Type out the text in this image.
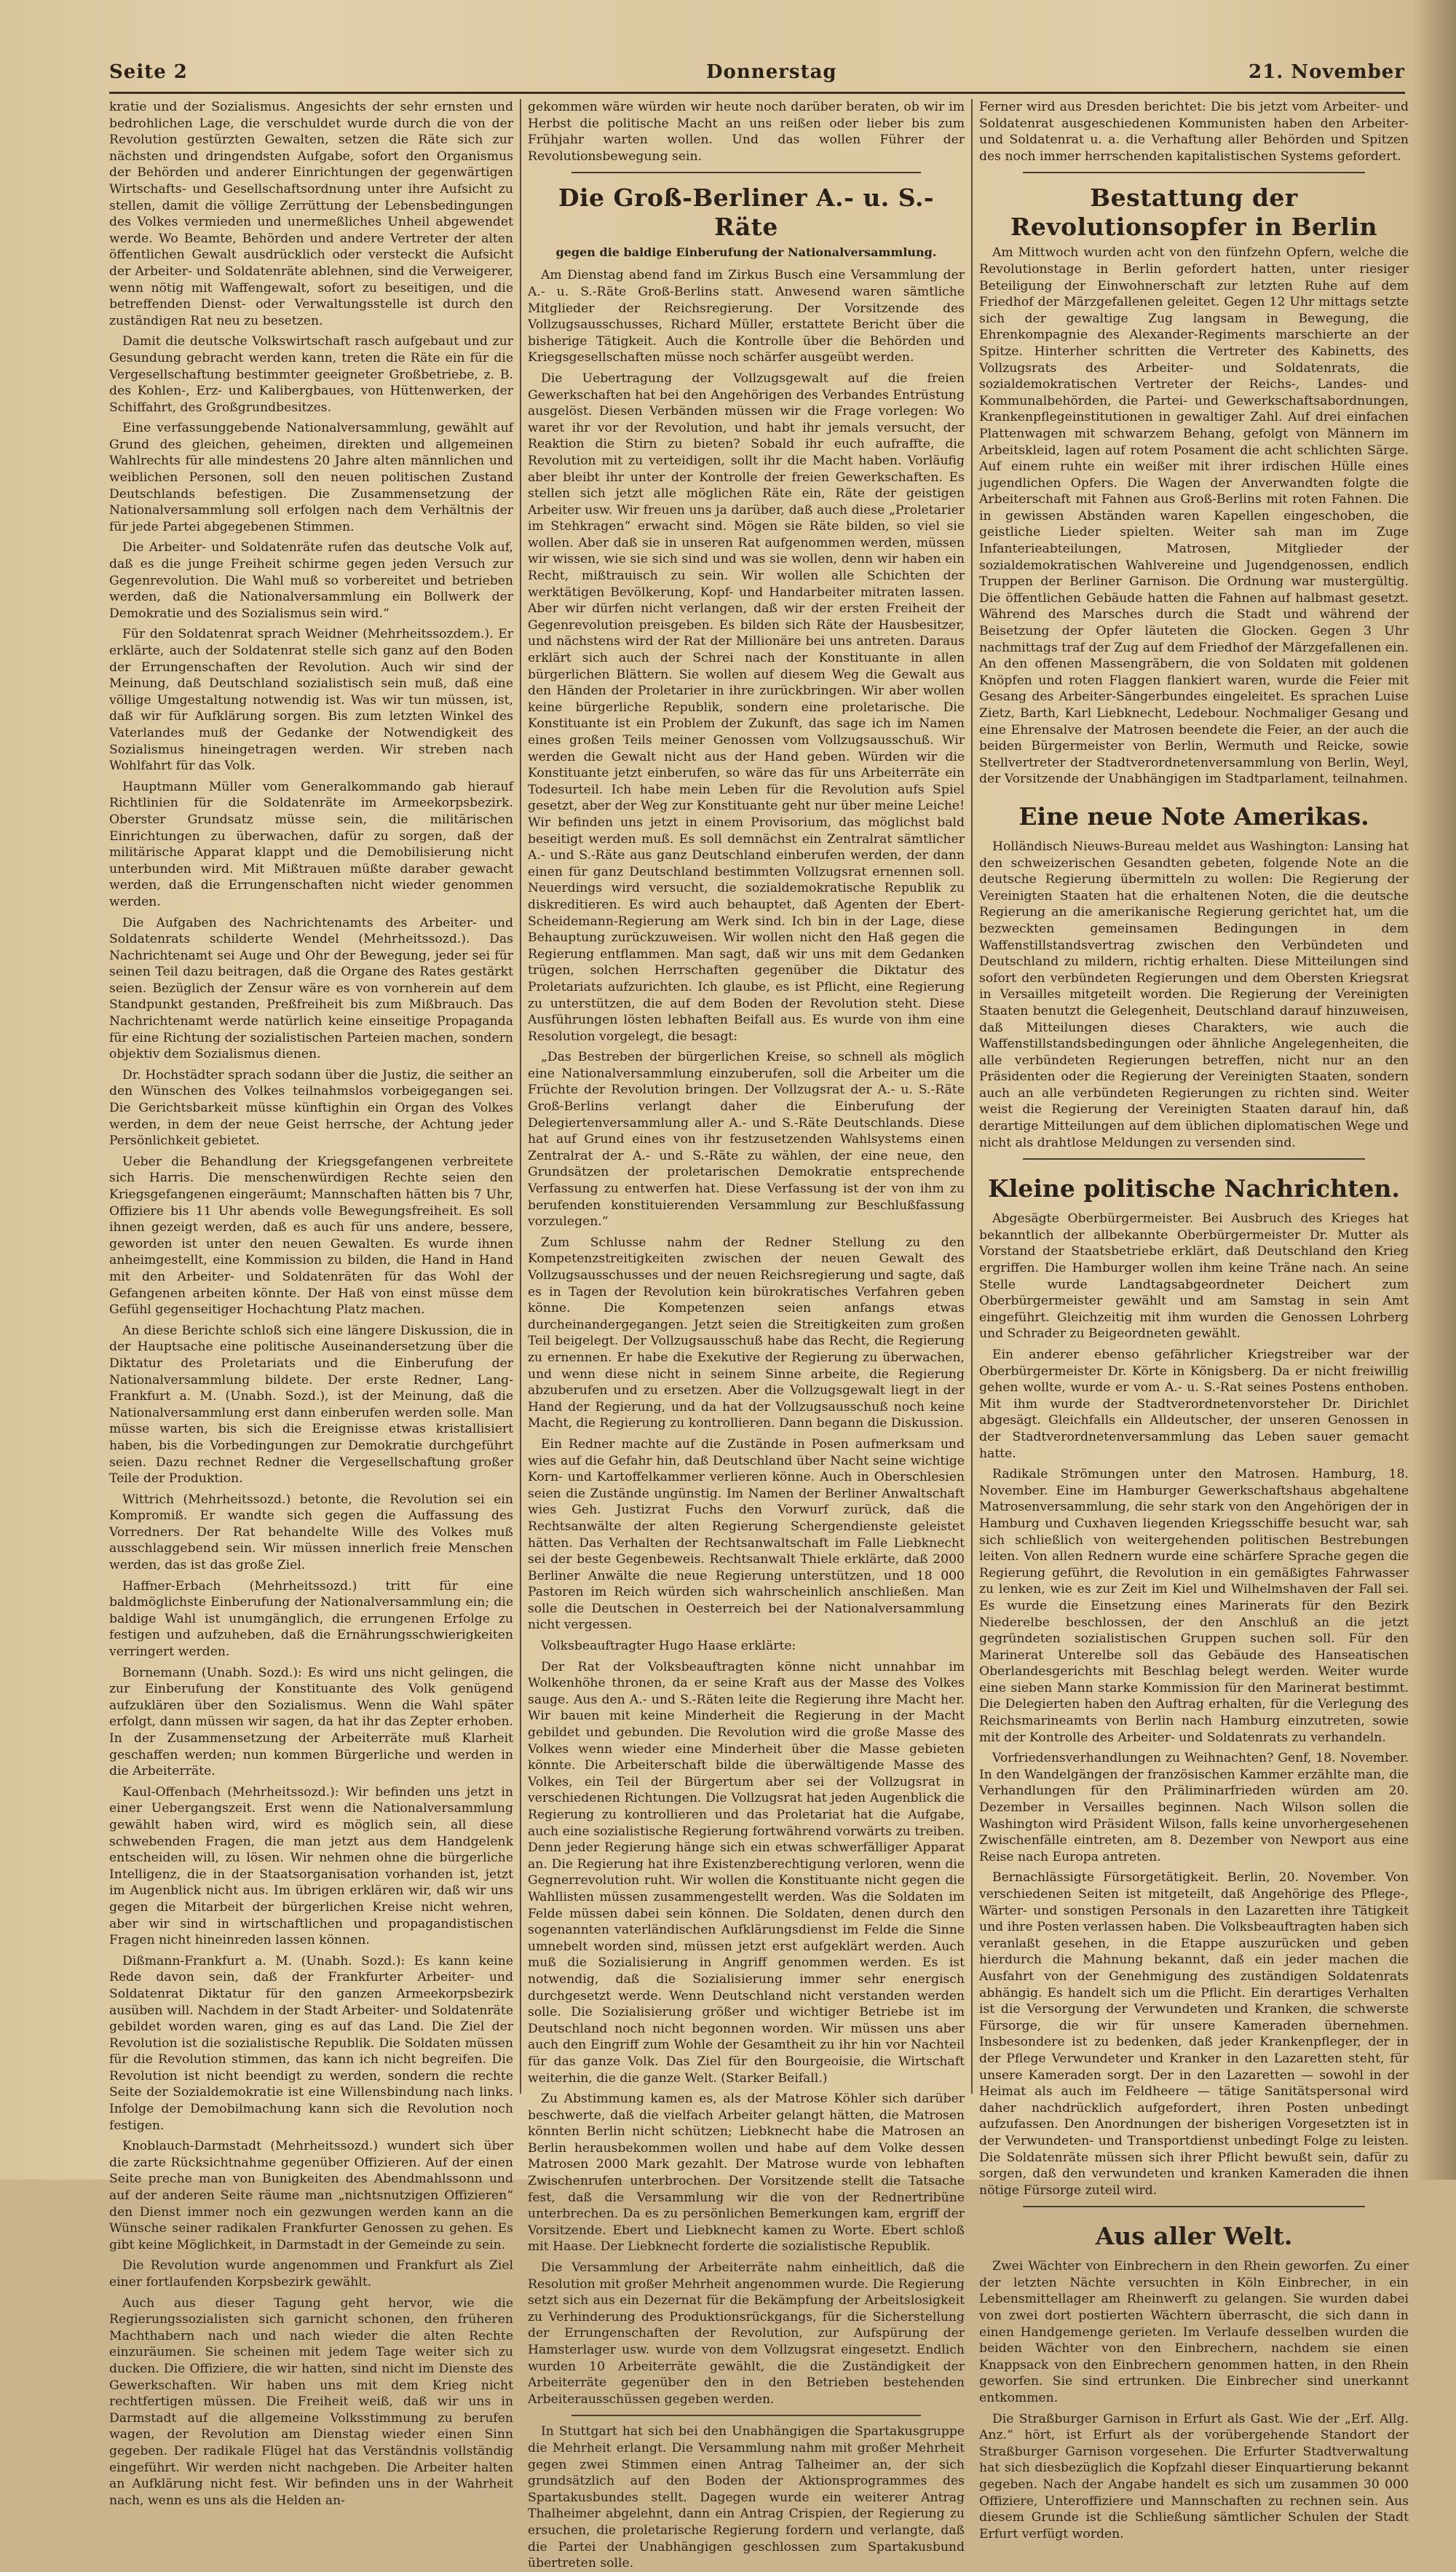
Seite 2	Donnerstag	21. November

kratie und der Sozialismus. Angesichts der sehr ernsten und bedrohlichen Lage, die verschuldet wurde durch die von der Revolution gestürzten Gewalten, setzen die Räte sich zur nächsten und dringendsten Aufgabe, sofort den Organismus der Behörden und anderer Einrichtungen der gegenwärtigen Wirtschafts- und Gesellschaftsordnung unter ihre Aufsicht zu stellen, damit die völlige Zerrüttung der Lebensbedingungen des Volkes vermieden und unermeßliches Unheil abgewendet werde. Wo Beamte, Behörden und andere Vertreter der alten öffentlichen Gewalt ausdrücklich oder versteckt die Aufsicht der Arbeiter- und Soldatenräte ablehnen, sind die Verweigerer, wenn nötig mit Waffengewalt, sofort zu beseitigen, und die betreffenden Dienst- oder Verwaltungsstelle ist durch den zuständigen Rat neu zu besetzen.

Damit die deutsche Volkswirtschaft rasch aufgebaut und zur Gesundung gebracht werden kann, treten die Räte ein für die Vergesellschaftung bestimmter geeigneter Großbetriebe, z. B. des Kohlen-, Erz- und Kalibergbaues, von Hüttenwerken, der Schiffahrt, des Großgrundbesitzes.

Eine verfassunggebende Nationalversammlung, gewählt auf Grund des gleichen, geheimen, direkten und allgemeinen Wahlrechts für alle mindestens 20 Jahre alten männlichen und weiblichen Personen, soll den neuen politischen Zustand Deutschlands befestigen. Die Zusammensetzung der Nationalversammlung soll erfolgen nach dem Verhältnis der für jede Partei abgegebenen Stimmen.

Die Arbeiter- und Soldatenräte rufen das deutsche Volk auf, daß es die junge Freiheit schirme gegen jeden Versuch zur Gegenrevolution. Die Wahl muß so vorbereitet und betrieben werden, daß die Nationalversammlung ein Bollwerk der Demokratie und des Sozialismus sein wird.“

Für den Soldatenrat sprach Weidner (Mehrheitssozdem.). Er erklärte, auch der Soldatenrat stelle sich ganz auf den Boden der Errungenschaften der Revolution. Auch wir sind der Meinung, daß Deutschland sozialistisch sein muß, daß eine völlige Umgestaltung notwendig ist. Was wir tun müssen, ist, daß wir für Aufklärung sorgen. Bis zum letzten Winkel des Vaterlandes muß der Gedanke der Notwendigkeit des Sozialismus hineingetragen werden. Wir streben nach Wohlfahrt für das Volk.

Hauptmann Müller vom Generalkommando gab hierauf Richtlinien für die Soldatenräte im Armeekorpsbezirk. Oberster Grundsatz müsse sein, die militärischen Einrichtungen zu überwachen, dafür zu sorgen, daß der militärische Apparat klappt und die Demobilisierung nicht unterbunden wird. Mit Mißtrauen müßte daraber gewacht werden, daß die Errungenschaften nicht wieder genommen werden.

Die Aufgaben des Nachrichtenamts des Arbeiter- und Soldatenrats schilderte Wendel (Mehrheitssozd.). Das Nachrichtenamt sei Auge und Ohr der Bewegung, jeder sei für seinen Teil dazu beitragen, daß die Organe des Rates gestärkt seien. Bezüglich der Zensur wäre es von vornherein auf dem Standpunkt gestanden, Preßfreiheit bis zum Mißbrauch. Das Nachrichtenamt werde natürlich keine einseitige Propaganda für eine Richtung der sozialistischen Parteien machen, sondern objektiv dem Sozialismus dienen.

Dr. Hochstädter sprach sodann über die Justiz, die seither an den Wünschen des Volkes teilnahmslos vorbeigegangen sei. Die Gerichtsbarkeit müsse künftighin ein Organ des Volkes werden, in dem der neue Geist herrsche, der Achtung jeder Persönlichkeit gebietet.

Ueber die Behandlung der Kriegsgefangenen verbreitete sich Harris. Die menschenwürdigen Rechte seien den Kriegsgefangenen eingeräumt; Mannschaften hätten bis 7 Uhr, Offiziere bis 11 Uhr abends volle Bewegungsfreiheit. Es soll ihnen gezeigt werden, daß es auch für uns andere, bessere, geworden ist unter den neuen Gewalten. Es wurde ihnen anheimgestellt, eine Kommission zu bilden, die Hand in Hand mit den Arbeiter- und Soldatenräten für das Wohl der Gefangenen arbeiten könnte. Der Haß von einst müsse dem Gefühl gegenseitiger Hochachtung Platz machen.

An diese Berichte schloß sich eine längere Diskussion, die in der Hauptsache eine politische Auseinandersetzung über die Diktatur des Proletariats und die Einberufung der Nationalversammlung bildete. Der erste Redner, Lang-Frankfurt a. M. (Unabh. Sozd.), ist der Meinung, daß die Nationalversammlung erst dann einberufen werden solle. Man müsse warten, bis sich die Ereignisse etwas kristallisiert haben, bis die Vorbedingungen zur Demokratie durchgeführt seien. Dazu rechnet Redner die Vergesellschaftung großer Teile der Produktion.

Wittrich (Mehrheitssozd.) betonte, die Revolution sei ein Kompromiß. Er wandte sich gegen die Auffassung des Vorredners. Der Rat behandelte Wille des Volkes muß ausschlaggebend sein. Wir müssen innerlich freie Menschen werden, das ist das große Ziel.

Haffner-Erbach (Mehrheitssozd.) tritt für eine baldmöglichste Einberufung der Nationalversammlung ein; die baldige Wahl ist unumgänglich, die errungenen Erfolge zu festigen und aufzuheben, daß die Ernährungsschwierigkeiten verringert werden.

Bornemann (Unabh. Sozd.): Es wird uns nicht gelingen, die zur Einberufung der Konstituante des Volk genügend aufzuklären über den Sozialismus. Wenn die Wahl später erfolgt, dann müssen wir sagen, da hat ihr das Zepter erhoben. In der Zusammensetzung der Arbeiterräte muß Klarheit geschaffen werden; nun kommen Bürgerliche und werden in die Arbeiterräte.

Kaul-Offenbach (Mehrheitssozd.): Wir befinden uns jetzt in einer Uebergangszeit. Erst wenn die Nationalversammlung gewählt haben wird, wird es möglich sein, all diese schwebenden Fragen, die man jetzt aus dem Handgelenk entscheiden will, zu lösen. Wir nehmen ohne die bürgerliche Intelligenz, die in der Staatsorganisation vorhanden ist, jetzt im Augenblick nicht aus. Im übrigen erklären wir, daß wir uns gegen die Mitarbeit der bürgerlichen Kreise nicht wehren, aber wir sind in wirtschaftlichen und propagandistischen Fragen nicht hineinreden lassen können.

Dißmann-Frankfurt a. M. (Unabh. Sozd.): Es kann keine Rede davon sein, daß der Frankfurter Arbeiter- und Soldatenrat Diktatur für den ganzen Armeekorpsbezirk ausüben will. Nachdem in der Stadt Arbeiter- und Soldatenräte gebildet worden waren, ging es auf das Land. Die Ziel der Revolution ist die sozialistische Republik. Die Soldaten müssen für die Revolution stimmen, das kann ich nicht begreifen. Die Revolution ist nicht beendigt zu werden, sondern die rechte Seite der Sozialdemokratie ist eine Willensbindung nach links. Infolge der Demobilmachung kann sich die Revolution noch festigen.

Knoblauch-Darmstadt (Mehrheitssozd.) wundert sich über die zarte Rücksichtnahme gegenüber Offizieren. Auf der einen Seite preche man von Bunigkeiten des Abendmahlssonn und auf der anderen Seite räume man „nichtsnutzigen Offizieren“ den Dienst immer noch ein gezwungen werden kann an die Wünsche seiner radikalen Frankfurter Genossen zu gehen. Es gibt keine Möglichkeit, in Darmstadt in der Gemeinde zu sein.

Die Revolution wurde angenommen und Frankfurt als Ziel einer fortlaufenden Korpsbezirk gewählt.

Auch aus dieser Tagung geht hervor, wie die Regierungssozialisten sich garnicht schonen, den früheren Machthabern nach und nach wieder die alten Rechte einzuräumen. Sie scheinen mit jedem Tage weiter sich zu ducken. Die Offiziere, die wir hatten, sind nicht im Dienste des Gewerkschaften. Wir haben uns mit dem Krieg nicht rechtfertigen müssen. Die Freiheit weiß, daß wir uns in Darmstadt auf die allgemeine Volksstimmung zu berufen wagen, der Revolution am Dienstag wieder einen Sinn gegeben. Der radikale Flügel hat das Verständnis vollständig eingeführt. Wir werden nicht nachgeben. Die Arbeiter halten an Aufklärung nicht fest. Wir befinden uns in der Wahrheit nach, wenn es uns als die Helden an-

gekommen wäre würden wir heute noch darüber beraten, ob wir im Herbst die politische Macht an uns reißen oder lieber bis zum Frühjahr warten wollen. Und das wollen Führer der Revolutionsbewegung sein.

Die Groß-Berliner A.- u. S.-Räte

gegen die baldige Einberufung der Nationalversammlung.

Am Dienstag abend fand im Zirkus Busch eine Versammlung der A.- u. S.-Räte Groß-Berlins statt. Anwesend waren sämtliche Mitglieder der Reichsregierung. Der Vorsitzende des Vollzugsausschusses, Richard Müller, erstattete Bericht über die bisherige Tätigkeit. Auch die Kontrolle über die Behörden und Kriegsgesellschaften müsse noch schärfer ausgeübt werden.

Die Uebertragung der Vollzugsgewalt auf die freien Gewerkschaften hat bei den Angehörigen des Verbandes Entrüstung ausgelöst. Diesen Verbänden müssen wir die Frage vorlegen: Wo waret ihr vor der Revolution, und habt ihr jemals versucht, der Reaktion die Stirn zu bieten? Sobald ihr euch aufraffte, die Revolution mit zu verteidigen, sollt ihr die Macht haben. Vorläufig aber bleibt ihr unter der Kontrolle der freien Gewerkschaften. Es stellen sich jetzt alle möglichen Räte ein, Räte der geistigen Arbeiter usw. Wir freuen uns ja darüber, daß auch diese „Proletarier im Stehkragen“ erwacht sind. Mögen sie Räte bilden, so viel sie wollen. Aber daß sie in unseren Rat aufgenommen werden, müssen wir wissen, wie sie sich sind und was sie wollen, denn wir haben ein Recht, mißtrauisch zu sein. Wir wollen alle Schichten der werktätigen Bevölkerung, Kopf- und Handarbeiter mitraten lassen. Aber wir dürfen nicht verlangen, daß wir der ersten Freiheit der Gegenrevolution preisgeben. Es bilden sich Räte der Hausbesitzer, und nächstens wird der Rat der Millionäre bei uns antreten. Daraus erklärt sich auch der Schrei nach der Konstituante in allen bürgerlichen Blättern. Sie wollen auf diesem Weg die Gewalt aus den Händen der Proletarier in ihre zurückbringen. Wir aber wollen keine bürgerliche Republik, sondern eine proletarische. Die Konstituante ist ein Problem der Zukunft, das sage ich im Namen eines großen Teils meiner Genossen vom Vollzugsausschuß. Wir werden die Gewalt nicht aus der Hand geben. Würden wir die Konstituante jetzt einberufen, so wäre das für uns Arbeiterräte ein Todesurteil. Ich habe mein Leben für die Revolution aufs Spiel gesetzt, aber der Weg zur Konstituante geht nur über meine Leiche! Wir befinden uns jetzt in einem Provisorium, das möglichst bald beseitigt werden muß. Es soll demnächst ein Zentralrat sämtlicher A.- und S.-Räte aus ganz Deutschland einberufen werden, der dann einen für ganz Deutschland bestimmten Vollzugsrat ernennen soll. Neuerdings wird versucht, die sozialdemokratische Republik zu diskreditieren. Es wird auch behauptet, daß Agenten der Ebert-Scheidemann-Regierung am Werk sind. Ich bin in der Lage, diese Behauptung zurückzuweisen. Wir wollen nicht den Haß gegen die Regierung entflammen. Man sagt, daß wir uns mit dem Gedanken trügen, solchen Herrschaften gegenüber die Diktatur des Proletariats aufzurichten. Ich glaube, es ist Pflicht, eine Regierung zu unterstützen, die auf dem Boden der Revolution steht. Diese Ausführungen lösten lebhaften Beifall aus. Es wurde von ihm eine Resolution vorgelegt, die besagt:

„Das Bestreben der bürgerlichen Kreise, so schnell als möglich eine Nationalversammlung einzuberufen, soll die Arbeiter um die Früchte der Revolution bringen. Der Vollzugsrat der A.- u. S.-Räte Groß-Berlins verlangt daher die Einberufung der Delegiertenversammlung aller A.- und S.-Räte Deutschlands. Diese hat auf Grund eines von ihr festzusetzenden Wahlsystems einen Zentralrat der A.- und S.-Räte zu wählen, der eine neue, den Grundsätzen der proletarischen Demokratie entsprechende Verfassung zu entwerfen hat. Diese Verfassung ist der von ihm zu berufenden konstituierenden Versammlung zur Beschlußfassung vorzulegen.“

Zum Schlusse nahm der Redner Stellung zu den Kompetenzstreitigkeiten zwischen der neuen Gewalt des Vollzugsausschusses und der neuen Reichsregierung und sagte, daß es in Tagen der Revolution kein bürokratisches Verfahren geben könne. Die Kompetenzen seien anfangs etwas durcheinandergegangen. Jetzt seien die Streitigkeiten zum großen Teil beigelegt. Der Vollzugsausschuß habe das Recht, die Regierung zu ernennen. Er habe die Exekutive der Regierung zu überwachen, und wenn diese nicht in seinem Sinne arbeite, die Regierung abzuberufen und zu ersetzen. Aber die Vollzugsgewalt liegt in der Hand der Regierung, und da hat der Vollzugsausschuß noch keine Macht, die Regierung zu kontrollieren. Dann begann die Diskussion.

Ein Redner machte auf die Zustände in Posen aufmerksam und wies auf die Gefahr hin, daß Deutschland über Nacht seine wichtige Korn- und Kartoffelkammer verlieren könne. Auch in Oberschlesien seien die Zustände ungünstig. Im Namen der Berliner Anwaltschaft wies Geh. Justizrat Fuchs den Vorwurf zurück, daß die Rechtsanwälte der alten Regierung Schergendienste geleistet hätten. Das Verhalten der Rechtsanwaltschaft im Falle Liebknecht sei der beste Gegenbeweis. Rechtsanwalt Thiele erklärte, daß 2000 Berliner Anwälte die neue Regierung unterstützen, und 18 000 Pastoren im Reich würden sich wahrscheinlich anschließen. Man solle die Deutschen in Oesterreich bei der Nationalversammlung nicht vergessen.

Volksbeauftragter Hugo Haase erklärte:

Der Rat der Volksbeauftragten könne nicht unnahbar im Wolkenhöhe thronen, da er seine Kraft aus der Masse des Volkes sauge. Aus den A.- und S.-Räten leite die Regierung ihre Macht her. Wir bauen mit keine Minderheit die Regierung in der Macht gebildet und gebunden. Die Revolution wird die große Masse des Volkes wenn wieder eine Minderheit über die Masse gebieten könnte. Die Arbeiterschaft bilde die überwältigende Masse des Volkes, ein Teil der Bürgertum aber sei der Vollzugsrat in verschiedenen Richtungen. Die Vollzugsrat hat jeden Augenblick die Regierung zu kontrollieren und das Proletariat hat die Aufgabe, auch eine sozialistische Regierung fortwährend vorwärts zu treiben. Denn jeder Regierung hänge sich ein etwas schwerfälliger Apparat an. Die Regierung hat ihre Existenzberechtigung verloren, wenn die Gegnerrevolution ruht. Wir wollen die Konstituante nicht gegen die Wahllisten müssen zusammengestellt werden. Was die Soldaten im Felde müssen dabei sein können. Die Soldaten, denen durch den sogenannten vaterländischen Aufklärungsdienst im Felde die Sinne umnebelt worden sind, müssen jetzt erst aufgeklärt werden. Auch muß die Sozialisierung in Angriff genommen werden. Es ist notwendig, daß die Sozialisierung immer sehr energisch durchgesetzt werde. Wenn Deutschland nicht verstanden werden solle. Die Sozialisierung größer und wichtiger Betriebe ist im Deutschland noch nicht begonnen worden. Wir müssen uns aber auch den Eingriff zum Wohle der Gesamtheit zu ihr hin vor Nachteil für das ganze Volk. Das Ziel für den Bourgeoisie, die Wirtschaft weiterhin, die die ganze Welt. (Starker Beifall.)

Zu Abstimmung kamen es, als der Matrose Köhler sich darüber beschwerte, daß die vielfach Arbeiter gelangt hätten, die Matrosen könnten Berlin nicht schützen; Liebknecht habe die Matrosen an Berlin herausbekommen wollen und habe auf dem Volke dessen Matrosen 2000 Mark gezahlt. Der Matrose wurde von lebhaften Zwischenrufen unterbrochen. Der Vorsitzende stellt die Tatsache fest, daß die Versammlung wir die von der Rednertribüne unterbrechen. Da es zu persönlichen Bemerkungen kam, ergriff der Vorsitzende. Ebert und Liebknecht kamen zu Worte. Ebert schloß mit Haase. Der Liebknecht forderte die sozialistische Republik.

Die Versammlung der Arbeiterräte nahm einheitlich, daß die Resolution mit großer Mehrheit angenommen wurde. Die Regierung setzt sich aus ein Dezernat für die Bekämpfung der Arbeitslosigkeit zu Verhinderung des Produktionsrückgangs, für die Sicherstellung der Errungenschaften der Revolution, zur Aufspürung der Hamsterlager usw. wurde von dem Vollzugsrat eingesetzt. Endlich wurden 10 Arbeiterräte gewählt, die die Zuständigkeit der Arbeiterräte gegenüber den in den Betrieben bestehenden Arbeiterausschüssen gegeben werden.

In Stuttgart hat sich bei den Unabhängigen die Spartakusgruppe die Mehrheit erlangt. Die Versammlung nahm mit großer Mehrheit gegen zwei Stimmen einen Antrag Talheimer an, der sich grundsätzlich auf den Boden der Aktionsprogrammes des Spartakusbundes stellt. Dagegen wurde ein weiterer Antrag Thalheimer abgelehnt, dann ein Antrag Crispien, der Regierung zu ersuchen, die proletarische Regierung fordern und verlangte, daß die Partei der Unabhängigen geschlossen zum Spartakusbund übertreten solle.

Ferner wird aus Dresden berichtet: Die bis jetzt vom Arbeiter- und Soldatenrat ausgeschiedenen Kommunisten haben den Arbeiter- und Soldatenrat u. a. die Verhaftung aller Behörden und Spitzen des noch immer herrschenden kapitalistischen Systems gefordert.

Bestattung der Revolutionsopfer in Berlin

Am Mittwoch wurden acht von den fünfzehn Opfern, welche die Revolutionstage in Berlin gefordert hatten, unter riesiger Beteiligung der Einwohnerschaft zur letzten Ruhe auf dem Friedhof der Märzgefallenen geleitet. Gegen 12 Uhr mittags setzte sich der gewaltige Zug langsam in Bewegung, die Ehrenkompagnie des Alexander-Regiments marschierte an der Spitze. Hinterher schritten die Vertreter des Kabinetts, des Vollzugsrats des Arbeiter- und Soldatenrats, die sozialdemokratischen Vertreter der Reichs-, Landes- und Kommunalbehörden, die Partei- und Gewerkschaftsabordnungen, Krankenpflegeinstitutionen in gewaltiger Zahl. Auf drei einfachen Plattenwagen mit schwarzem Behang, gefolgt von Männern im Arbeitskleid, lagen auf rotem Posament die acht schlichten Särge. Auf einem ruhte ein weißer mit ihrer irdischen Hülle eines jugendlichen Opfers. Die Wagen der Anverwandten folgte die Arbeiterschaft mit Fahnen aus Groß-Berlins mit roten Fahnen. Die in gewissen Abständen waren Kapellen eingeschoben, die geistliche Lieder spielten. Weiter sah man im Zuge Infanterieabteilungen, Matrosen, Mitglieder der sozialdemokratischen Wahlvereine und Jugendgenossen, endlich Truppen der Berliner Garnison. Die Ordnung war mustergültig. Die öffentlichen Gebäude hatten die Fahnen auf halbmast gesetzt. Während des Marsches durch die Stadt und während der Beisetzung der Opfer läuteten die Glocken. Gegen 3 Uhr nachmittags traf der Zug auf dem Friedhof der Märzgefallenen ein. An den offenen Massengräbern, die von Soldaten mit goldenen Knöpfen und roten Flaggen flankiert waren, wurde die Feier mit Gesang des Arbeiter-Sängerbundes eingeleitet. Es sprachen Luise Zietz, Barth, Karl Liebknecht, Ledebour. Nochmaliger Gesang und eine Ehrensalve der Matrosen beendete die Feier, an der auch die beiden Bürgermeister von Berlin, Wermuth und Reicke, sowie Stellvertreter der Stadtverordnetenversammlung von Berlin, Weyl, der Vorsitzende der Unabhängigen im Stadtparlament, teilnahmen.

Eine neue Note Amerikas.

Holländisch Nieuws-Bureau meldet aus Washington: Lansing hat den schweizerischen Gesandten gebeten, folgende Note an die deutsche Regierung übermitteln zu wollen: Die Regierung der Vereinigten Staaten hat die erhaltenen Noten, die die deutsche Regierung an die amerikanische Regierung gerichtet hat, um die bezweckten gemeinsamen Bedingungen in dem Waffenstillstandsvertrag zwischen den Verbündeten und Deutschland zu mildern, richtig erhalten. Diese Mitteilungen sind sofort den verbündeten Regierungen und dem Obersten Kriegsrat in Versailles mitgeteilt worden. Die Regierung der Vereinigten Staaten benutzt die Gelegenheit, Deutschland darauf hinzuweisen, daß Mitteilungen dieses Charakters, wie auch die Waffenstillstandsbedingungen oder ähnliche Angelegenheiten, die alle verbündeten Regierungen betreffen, nicht nur an den Präsidenten oder die Regierung der Vereinigten Staaten, sondern auch an alle verbündeten Regierungen zu richten sind. Weiter weist die Regierung der Vereinigten Staaten darauf hin, daß derartige Mitteilungen auf dem üblichen diplomatischen Wege und nicht als drahtlose Meldungen zu versenden sind.

Kleine politische Nachrichten.

Abgesägte Oberbürgermeister. Bei Ausbruch des Krieges hat bekanntlich der allbekannte Oberbürgermeister Dr. Mutter als Vorstand der Staatsbetriebe erklärt, daß Deutschland den Krieg ergriffen. Die Hamburger wollen ihm keine Träne nach. An seine Stelle wurde Landtagsabgeordneter Deichert zum Oberbürgermeister gewählt und am Samstag in sein Amt eingeführt. Gleichzeitig mit ihm wurden die Genossen Lohrberg und Schrader zu Beigeordneten gewählt.

Ein anderer ebenso gefährlicher Kriegstreiber war der Oberbürgermeister Dr. Körte in Königsberg. Da er nicht freiwillig gehen wollte, wurde er vom A.- u. S.-Rat seines Postens enthoben. Mit ihm wurde der Stadtverordnetenvorsteher Dr. Dirichlet abgesägt. Gleichfalls ein Alldeutscher, der unseren Genossen in der Stadtverordnetenversammlung das Leben sauer gemacht hatte.

Radikale Strömungen unter den Matrosen. Hamburg, 18. November. Eine im Hamburger Gewerkschaftshaus abgehaltene Matrosenversammlung, die sehr stark von den Angehörigen der in Hamburg und Cuxhaven liegenden Kriegsschiffe besucht war, sah sich schließlich von weitergehenden politischen Bestrebungen leiten. Von allen Rednern wurde eine schärfere Sprache gegen die Regierung geführt, die Revolution in ein gemäßigtes Fahrwasser zu lenken, wie es zur Zeit im Kiel und Wilhelmshaven der Fall sei. Es wurde die Einsetzung eines Marinerats für den Bezirk Niederelbe beschlossen, der den Anschluß an die jetzt gegründeten sozialistischen Gruppen suchen soll. Für den Marinerat Unterelbe soll das Gebäude des Hanseatischen Oberlandesgerichts mit Beschlag belegt werden. Weiter wurde eine sieben Mann starke Kommission für den Marinerat bestimmt. Die Delegierten haben den Auftrag erhalten, für die Verlegung des Reichsmarineamts von Berlin nach Hamburg einzutreten, sowie mit der Kontrolle des Arbeiter- und Soldatenrats zu verhandeln.

Vorfriedensverhandlungen zu Weihnachten? Genf, 18. November. In den Wandelgängen der französischen Kammer erzählte man, die Verhandlungen für den Präliminarfrieden würden am 20. Dezember in Versailles beginnen. Nach Wilson sollen die Washington wird Präsident Wilson, falls keine unvorhergesehenen Zwischenfälle eintreten, am 8. Dezember von Newport aus eine Reise nach Europa antreten.

Bernachlässigte Fürsorgetätigkeit. Berlin, 20. November. Von verschiedenen Seiten ist mitgeteilt, daß Angehörige des Pflege-, Wärter- und sonstigen Personals in den Lazaretten ihre Tätigkeit und ihre Posten verlassen haben. Die Volksbeauftragten haben sich veranlaßt gesehen, in die Etappe auszurücken und geben hierdurch die Mahnung bekannt, daß ein jeder machen die Ausfahrt von der Genehmigung des zuständigen Soldatenrats abhängig. Es handelt sich um die Pflicht. Ein derartiges Verhalten ist die Versorgung der Verwundeten und Kranken, die schwerste Fürsorge, die wir für unsere Kameraden übernehmen. Insbesondere ist zu bedenken, daß jeder Krankenpfleger, der in der Pflege Verwundeter und Kranker in den Lazaretten steht, für unsere Kameraden sorgt. Der in den Lazaretten — sowohl in der Heimat als auch im Feldheere — tätige Sanitätspersonal wird daher nachdrücklich aufgefordert, ihren Posten unbedingt aufzufassen. Den Anordnungen der bisherigen Vorgesetzten ist in der Verwundeten- und Transportdienst unbedingt Folge zu leisten. Die Soldatenräte müssen sich ihrer Pflicht bewußt sein, dafür zu sorgen, daß den verwundeten und kranken Kameraden die ihnen nötige Fürsorge zuteil wird.

Aus aller Welt.

Zwei Wächter von Einbrechern in den Rhein geworfen. Zu einer der letzten Nächte versuchten in Köln Einbrecher, in ein Lebensmittellager am Rheinwerft zu gelangen. Sie wurden dabei von zwei dort postierten Wächtern überrascht, die sich dann in einen Handgemenge gerieten. Im Verlaufe desselben wurden die beiden Wächter von den Einbrechern, nachdem sie einen Knappsack von den Einbrechern genommen hatten, in den Rhein geworfen. Sie sind ertrunken. Die Einbrecher sind unerkannt entkommen.

Die Straßburger Garnison in Erfurt als Gast. Wie der „Erf. Allg. Anz.“ hört, ist Erfurt als der vorübergehende Standort der Straßburger Garnison vorgesehen. Die Erfurter Stadtverwaltung hat sich diesbezüglich die Kopfzahl dieser Einquartierung bekannt gegeben. Nach der Angabe handelt es sich um zusammen 30 000 Offiziere, Unteroffiziere und Mannschaften zu rechnen sein. Aus diesem Grunde ist die Schließung sämtlicher Schulen der Stadt Erfurt verfügt worden.
